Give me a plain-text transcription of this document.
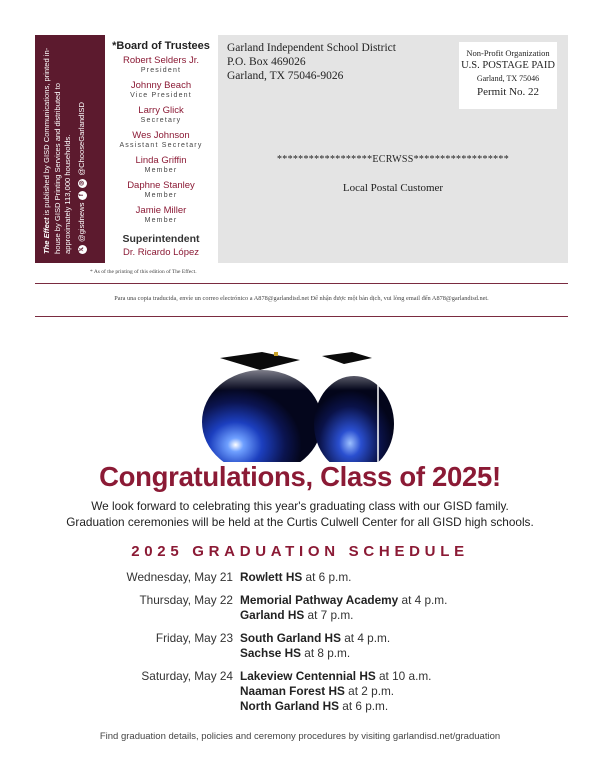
The Effect is published by GISD Communications, printed in-house by GISD Printing Services and distributed to approximately 113,000 households. 𝕏
@gisdnews
f
◎
@ChooseGarlandISD
*Board of Trustees
Robert Selders Jr.
President
Johnny Beach
Vice President
Larry Glick
Secretary
Wes Johnson
Assistant Secretary
Linda Griffin
Member
Daphne Stanley
Member
Jamie Miller
Member
Superintendent
Dr. Ricardo López
Garland Independent School District
P.O. Box 469026
Garland, TX 75046-9026
Non-Profit Organization
U.S. POSTAGE PAID
Garland, TX 75046
Permit No. 22
******************ECRWSS******************
Local Postal Customer
* As of the printing of this edition of The Effect.
Para una copia traducida, envíe un correo electrónico a A878@garlandisd.net Để nhận được một bản dịch, vui lòng email đến A878@garlandisd.net.
Congratulations, Class of 2025!
We look forward to celebrating this year's graduating class with our GISD family.
Graduation ceremonies will be held at the Curtis Culwell Center for all GISD high schools.
2025 GRADUATION SCHEDULE
Wednesday, May 21 Rowlett HS at 6 p.m.
Thursday, May 22 Memorial Pathway Academy at 4 p.m.
Garland HS at 7 p.m.
Friday, May 23 South Garland HS at 4 p.m.
Sachse HS at 8 p.m.
Saturday, May 24 Lakeview Centennial HS at 10 a.m.
Naaman Forest HS at 2 p.m.
North Garland HS at 6 p.m.
Find graduation details, policies and ceremony procedures by visiting garlandisd.net/graduation
